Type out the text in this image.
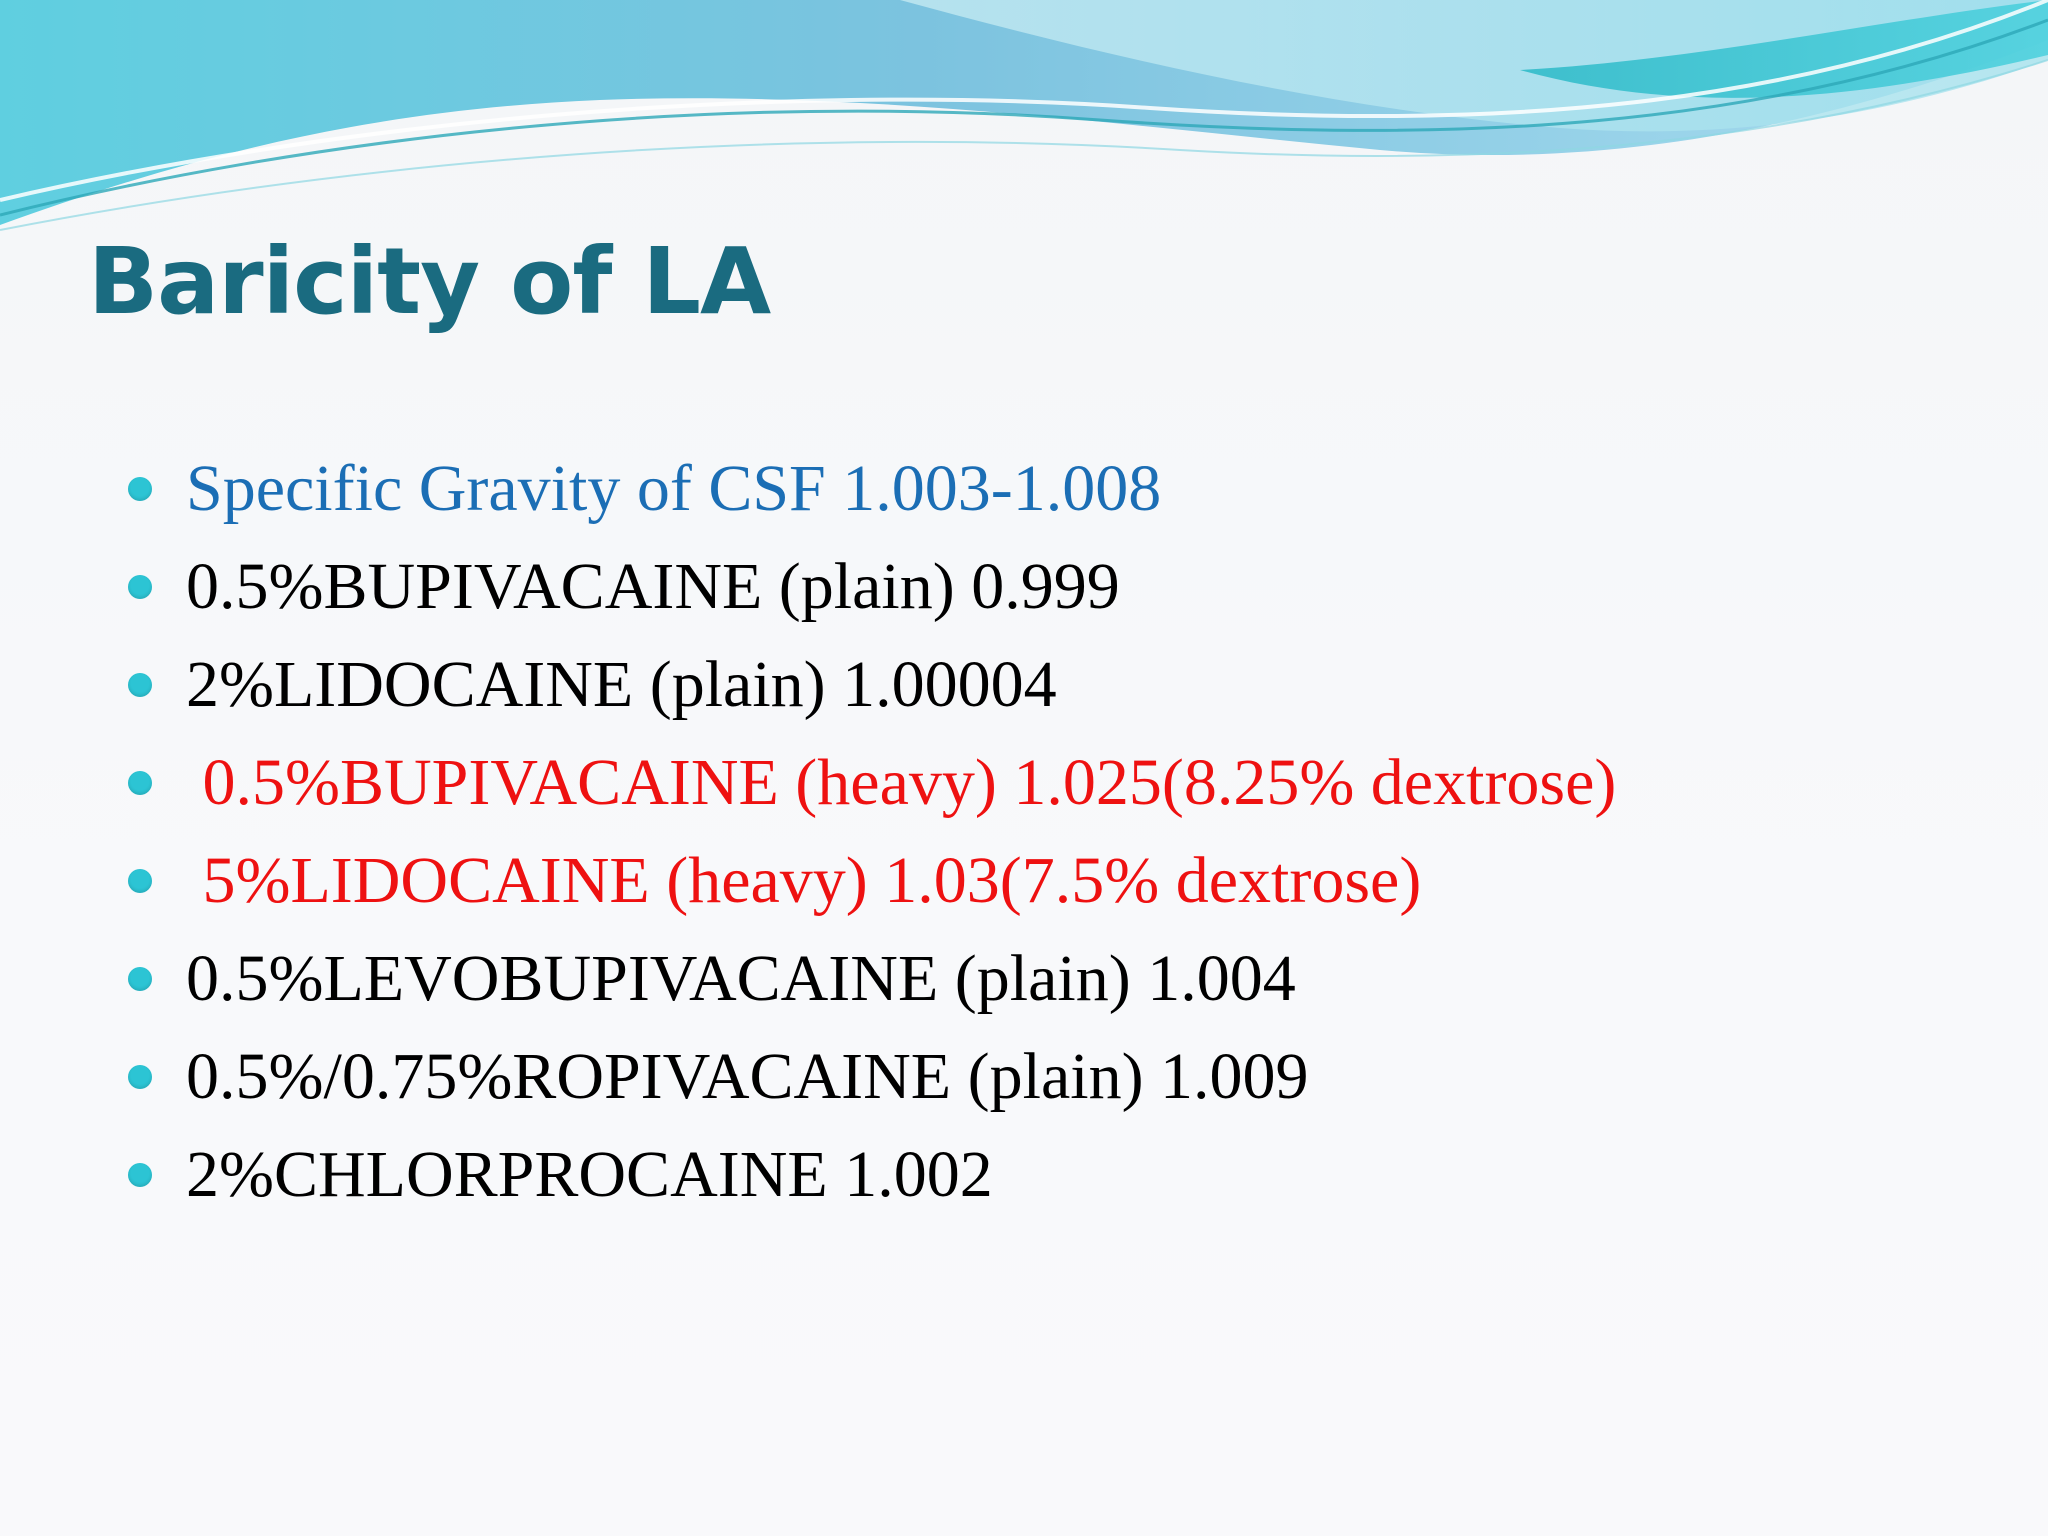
Baricity of LA
Specific Gravity of CSF 1.003-1.008
0.5%BUPIVACAINE (plain) 0.999
2%LIDOCAINE (plain) 1.00004
0.5%BUPIVACAINE (heavy) 1.025(8.25% dextrose)
5%LIDOCAINE (heavy) 1.03(7.5% dextrose)
0.5%LEVOBUPIVACAINE (plain) 1.004
0.5%/0.75%ROPIVACAINE (plain) 1.009
2%CHLORPROCAINE 1.002
